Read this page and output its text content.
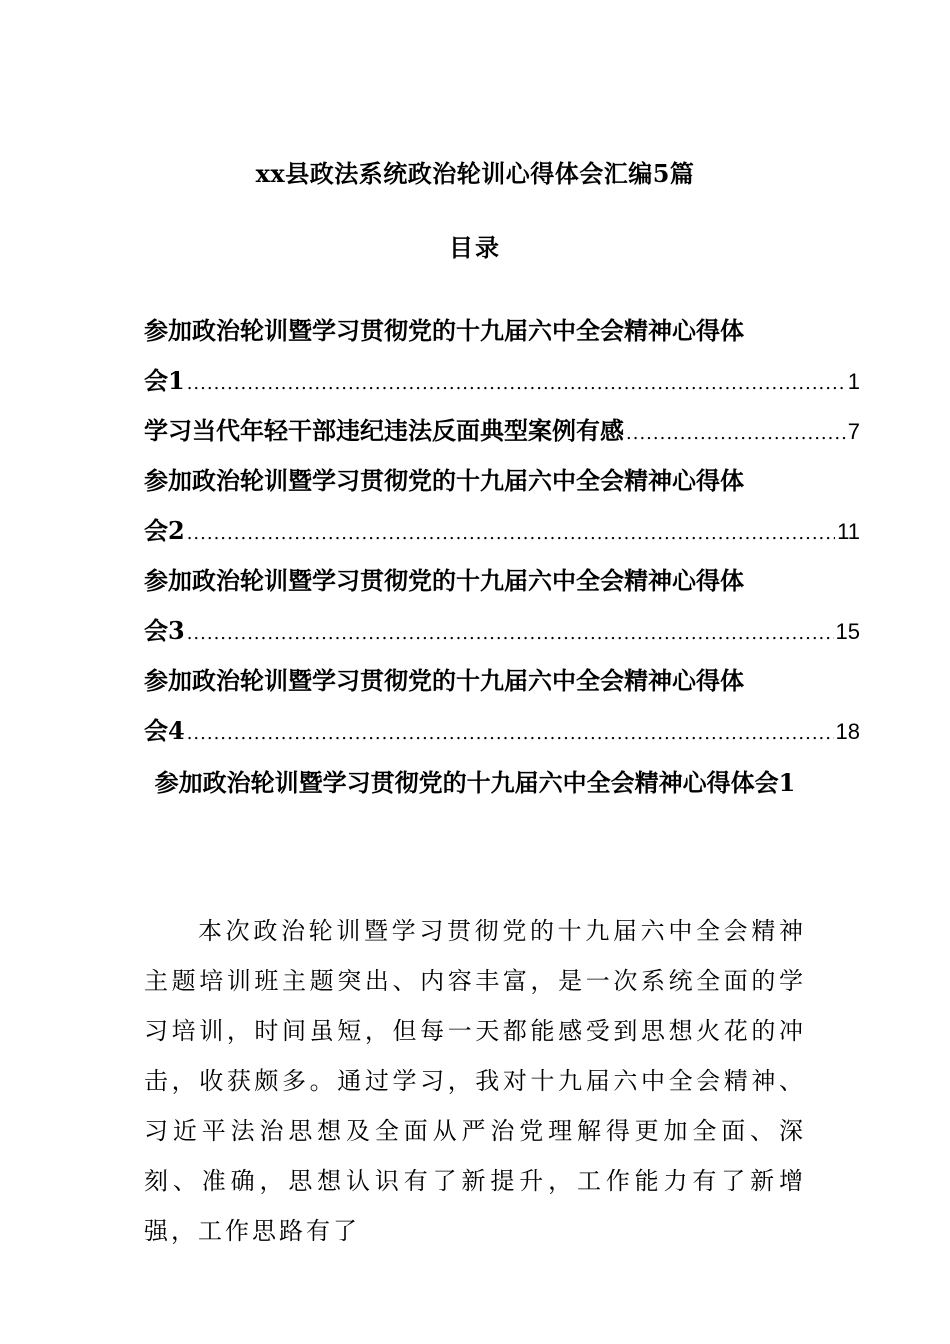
xx县政法系统政治轮训心得体会汇编5篇
目录
参加政治轮训暨学习贯彻党的十九届六中全会精神心得体
会1 .....	1
学习当代年轻干部违纪违法反面典型案例有感 .....	7
参加政治轮训暨学习贯彻党的十九届六中全会精神心得体
会2 .....	11
参加政治轮训暨学习贯彻党的十九届六中全会精神心得体
会3 .....	15
参加政治轮训暨学习贯彻党的十九届六中全会精神心得体
会4 .....	18
参加政治轮训暨学习贯彻党的十九届六中全会精神心得体会1

本次政治轮训暨学习贯彻党的十九届六中全会精神主题培训班主题突出、内容丰富，是一次系统全面的学习培训，时间虽短，但每一天都能感受到思想火花的冲击，收获颇多。通过学习，我对十九届六中全会精神、习近平法治思想及全面从严治党理解得更加全面、深刻、准确，思想认识有了新提升，工作能力有了新增强，工作思路有了
